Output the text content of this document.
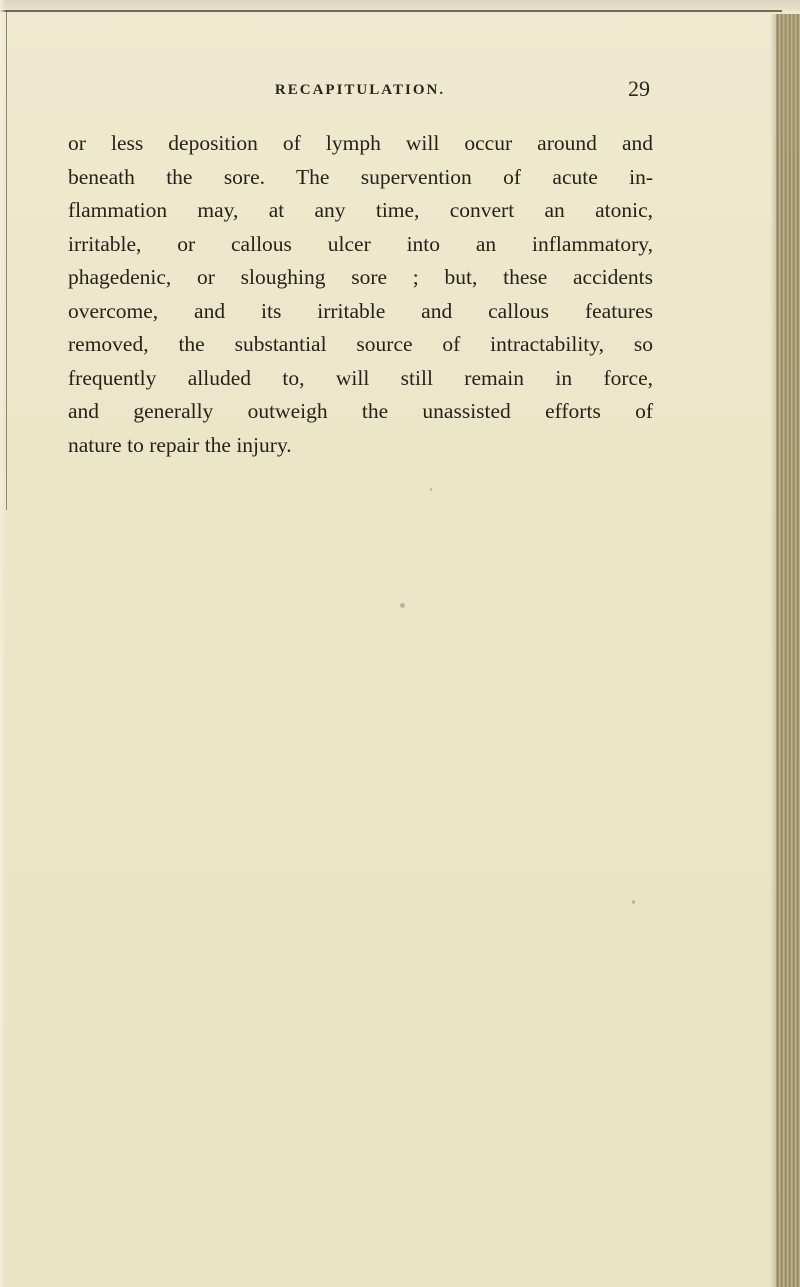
RECAPITULATION.	29
or less deposition of lymph will occur around and
beneath the sore. The supervention of acute in-
flammation may, at any time, convert an atonic,
irritable, or callous ulcer into an inflammatory,
phagedenic, or sloughing sore ; but, these accidents
overcome, and its irritable and callous features
removed, the substantial source of intractability, so
frequently alluded to, will still remain in force,
and generally outweigh the unassisted efforts of
nature to repair the injury.
